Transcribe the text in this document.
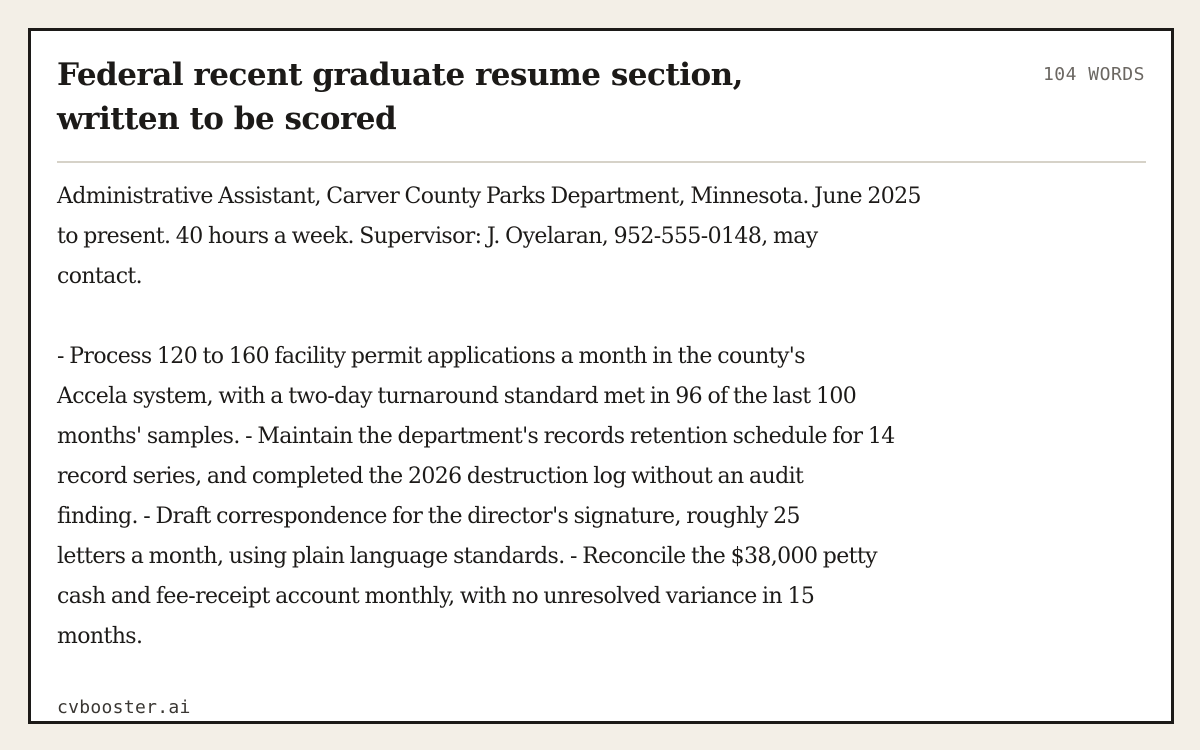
Federal recent graduate resume section,
written to be scored
104 WORDS
Administrative Assistant, Carver County Parks Department, Minnesota. June 2025
to present. 40 hours a week. Supervisor: J. Oyelaran, 952-555-0148, may
contact.

- Process 120 to 160 facility permit applications a month in the county's
Accela system, with a two-day turnaround standard met in 96 of the last 100
months' samples. - Maintain the department's records retention schedule for 14
record series, and completed the 2026 destruction log without an audit
finding. - Draft correspondence for the director's signature, roughly 25
letters a month, using plain language standards. - Reconcile the $38,000 petty
cash and fee-receipt account monthly, with no unresolved variance in 15
months.
cvbooster.ai
